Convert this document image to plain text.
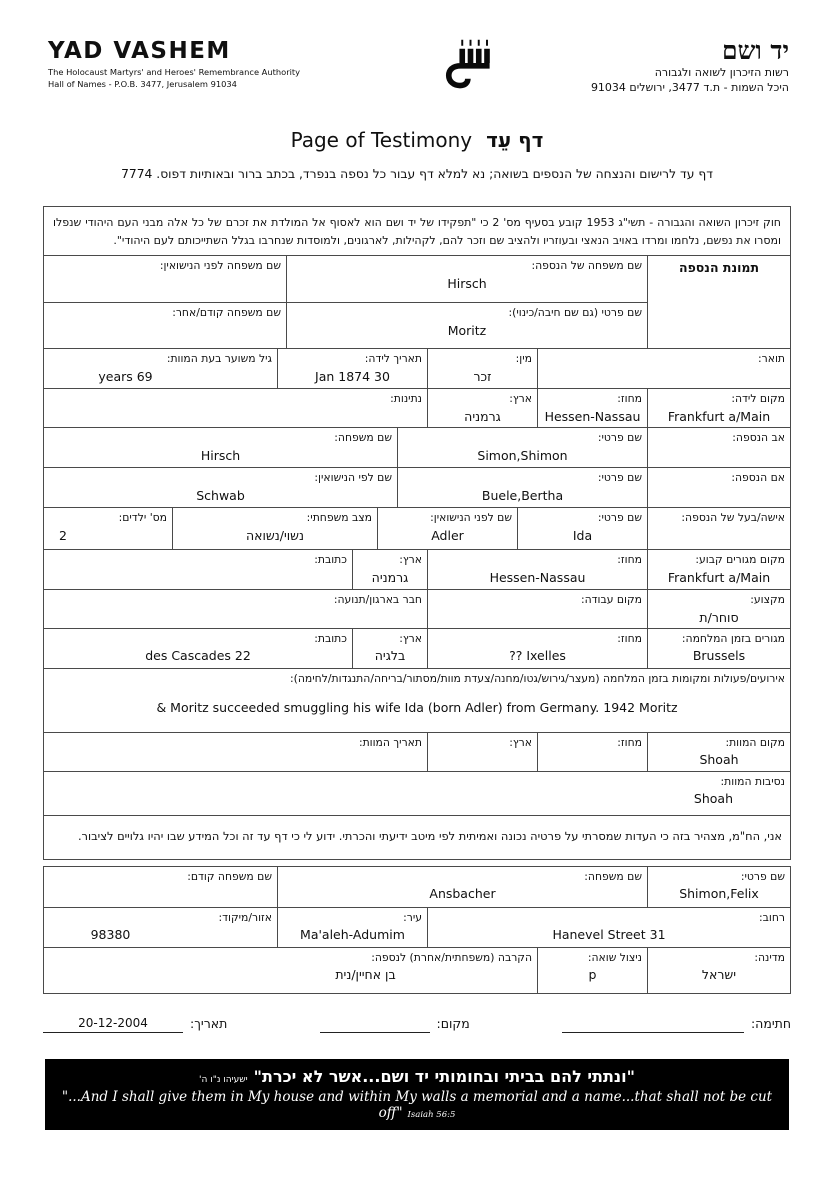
YAD VASHEM
The Holocaust Martyrs' and Heroes' Remembrance Authority
Hall of Names - P.O.B. 3477, Jerusalem 91034
יד ושם
רשות הזיכרון לשואה ולגבורה
היכל השמות - ת.ד 3477, ירושלים 91034
Page of Testimony דף עֵד
דף עד לרישום והנצחה של הנספים בשואה; נא למלא דף עבור כל נספה בנפרד, בכתב ברור ובאותיות דפוס. 7774
חוק זיכרון השואה והגבורה - תשי"ג 1953 קובע בסעיף מס' 2 כי "תפקידו של יד ושם הוא לאסוף אל המולדת את זכרם של כל אלה מבני העם היהודי שנפלו ומסרו את נפשם, נלחמו ומרדו באויב הנאצי ובעוזריו ולהציב שם וזכר להם, לקהילות, לארגונים, ולמוסדות שנחרבו בגלל השתייכותם לעם היהודי".
תמונת הנספה
שם משפחה של הנספה:
Hirsch
שם משפחה לפני הנישואין:
שם פרטי (גם שם חיבה/כינוי):
Moritz
שם משפחה קודם/אחר:
תואר:
מין:
זכר
תאריך לידה:
Jan 1874 30
גיל משוער בעת המוות:
years 69
מקום לידה:
Frankfurt a/Main
מחוז:
Hessen-Nassau
ארץ:
גרמניה
נתינות:
אב הנספה:
שם פרטי:
Simon,Shimon
שם משפחה:
Hirsch
אם הנספה:
שם פרטי:
Buele,Bertha
שם לפי הנישואין:
Schwab
אישה/בעל של הנספה:
שם פרטי:
Ida
שם לפני הנישואין:
Adler
מצב משפחתי:
נשוי/נשואה
מס' ילדים:
2
מקום מגורים קבוע:
Frankfurt a/Main
מחוז:
Hessen-Nassau
ארץ:
גרמניה
כתובת:
מקצוע:
סוחר/ת
מקום עבודה:
חבר בארגון/תנועה:
מגורים בזמן המלחמה:
Brussels
מחוז:
?? Ixelles
ארץ:
בלגיה
כתובת:
des Cascades 22
אירועים/פעולות ומקומות בזמן המלחמה (מעצר/גירוש/גטו/מחנה/צעדת מוות/מסתור/בריחה/התנגדות/לחימה):
& Moritz succeeded smuggling his wife Ida (born Adler) from Germany. 1942 Moritz
מקום המוות:
Shoah
מחוז:
ארץ:
תאריך המוות:
נסיבות המוות:
Shoah
אני, הח"מ, מצהיר בזה כי העדות שמסרתי על פרטיה נכונה ואמיתית לפי מיטב ידיעתי והכרתי. ידוע לי כי דף עד זה וכל המידע שבו יהיו גלויים לציבור.
שם פרטי:
Shimon,Felix
שם משפחה:
Ansbacher
שם משפחה קודם:
רחוב:
Hanevel Street 31
עיר:
Ma'aleh-Adumim
אזור/מיקוד:
98380
מדינה:
ישראל
ניצול שואה:
p
הקרבה (משפחתית/אחרת) לנספה:
בן אחיין/נית
חתימה:
מקום:
תאריך:
20-12-2004
"ונתתי להם בביתי ובחומותי יד ושם...אשר לא יכרת"ישעיהו נ"ו ה'
"...And I shall give them in My house and within My walls a memorial and a name...that shall not be cut off" Isaiah 56:5
